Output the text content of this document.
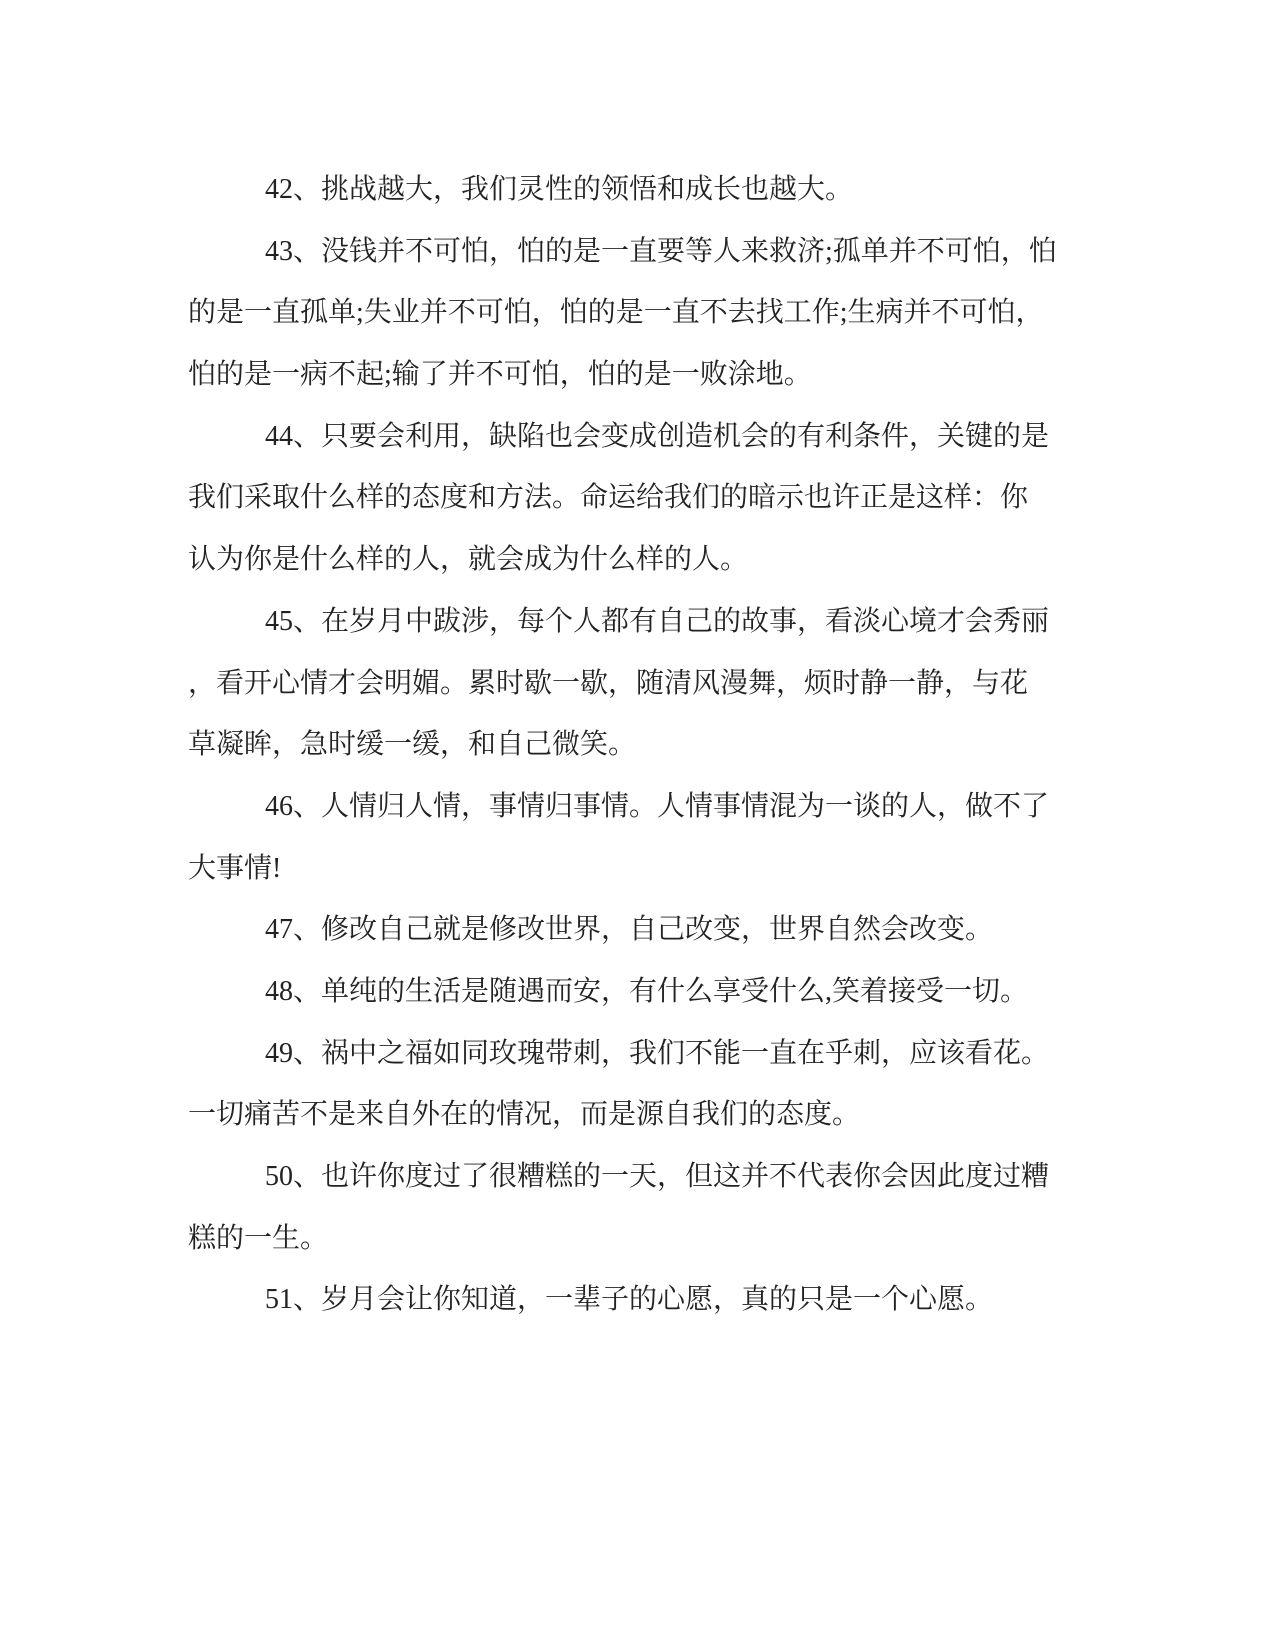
42、挑战越大，我们灵性的领悟和成长也越大。
43、没钱并不可怕，怕的是一直要等人来救济;孤单并不可怕，怕
的是一直孤单;失业并不可怕，怕的是一直不去找工作;生病并不可怕，
怕的是一病不起;输了并不可怕，怕的是一败涂地。
44、只要会利用，缺陷也会变成创造机会的有利条件，关键的是
我们采取什么样的态度和方法。命运给我们的暗示也许正是这样：你
认为你是什么样的人，就会成为什么样的人。
45、在岁月中跋涉，每个人都有自己的故事，看淡心境才会秀丽
，看开心情才会明媚。累时歇一歇，随清风漫舞，烦时静一静，与花
草凝眸，急时缓一缓，和自己微笑。
46、人情归人情，事情归事情。人情事情混为一谈的人，做不了
大事情!
47、修改自己就是修改世界，自己改变，世界自然会改变。
48、单纯的生活是随遇而安，有什么享受什么,笑着接受一切。
49、祸中之福如同玫瑰带刺，我们不能一直在乎刺，应该看花。
一切痛苦不是来自外在的情况，而是源自我们的态度。
50、也许你度过了很糟糕的一天，但这并不代表你会因此度过糟
糕的一生。
51、岁月会让你知道，一辈子的心愿，真的只是一个心愿。
